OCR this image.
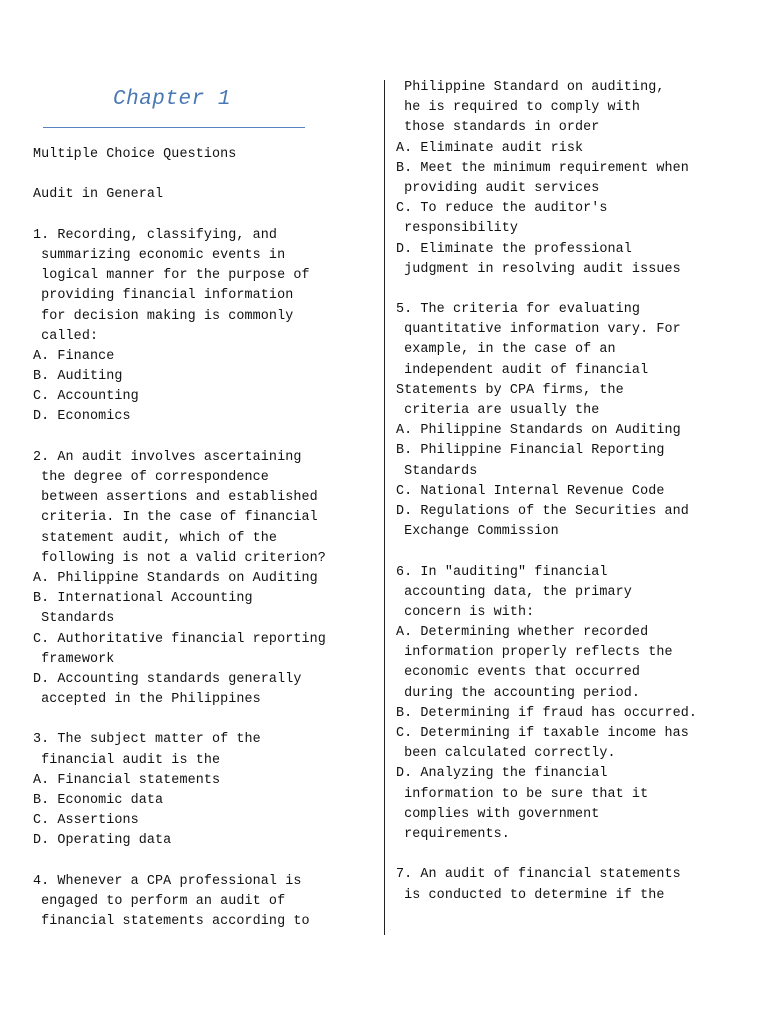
Chapter 1
Multiple Choice Questions
Audit in General
1. Recording, classifying, and
summarizing economic events in
logical manner for the purpose of
providing financial information
for decision making is commonly
called:
A. Finance
B. Auditing
C. Accounting
D. Economics
2. An audit involves ascertaining
the degree of correspondence
between assertions and established
criteria. In the case of financial
statement audit, which of the
following is not a valid criterion?
A. Philippine Standards on Auditing
B. International Accounting
Standards
C. Authoritative financial reporting
framework
D. Accounting standards generally
accepted in the Philippines
3. The subject matter of the
financial audit is the
A. Financial statements
B. Economic data
C. Assertions
D. Operating data
4. Whenever a CPA professional is
engaged to perform an audit of
financial statements according to
Philippine Standard on auditing,
he is required to comply with
those standards in order
A. Eliminate audit risk
B. Meet the minimum requirement when
providing audit services
C. To reduce the auditor's
responsibility
D. Eliminate the professional
judgment in resolving audit issues
5. The criteria for evaluating
quantitative information vary. For
example, in the case of an
independent audit of financial
Statements by CPA firms, the
criteria are usually the
A. Philippine Standards on Auditing
B. Philippine Financial Reporting
Standards
C. National Internal Revenue Code
D. Regulations of the Securities and
Exchange Commission
6. In "auditing" financial
accounting data, the primary
concern is with:
A. Determining whether recorded
information properly reflects the
economic events that occurred
during the accounting period.
B. Determining if fraud has occurred.
C. Determining if taxable income has
been calculated correctly.
D. Analyzing the financial
information to be sure that it
complies with government
requirements.
7. An audit of financial statements
is conducted to determine if the
